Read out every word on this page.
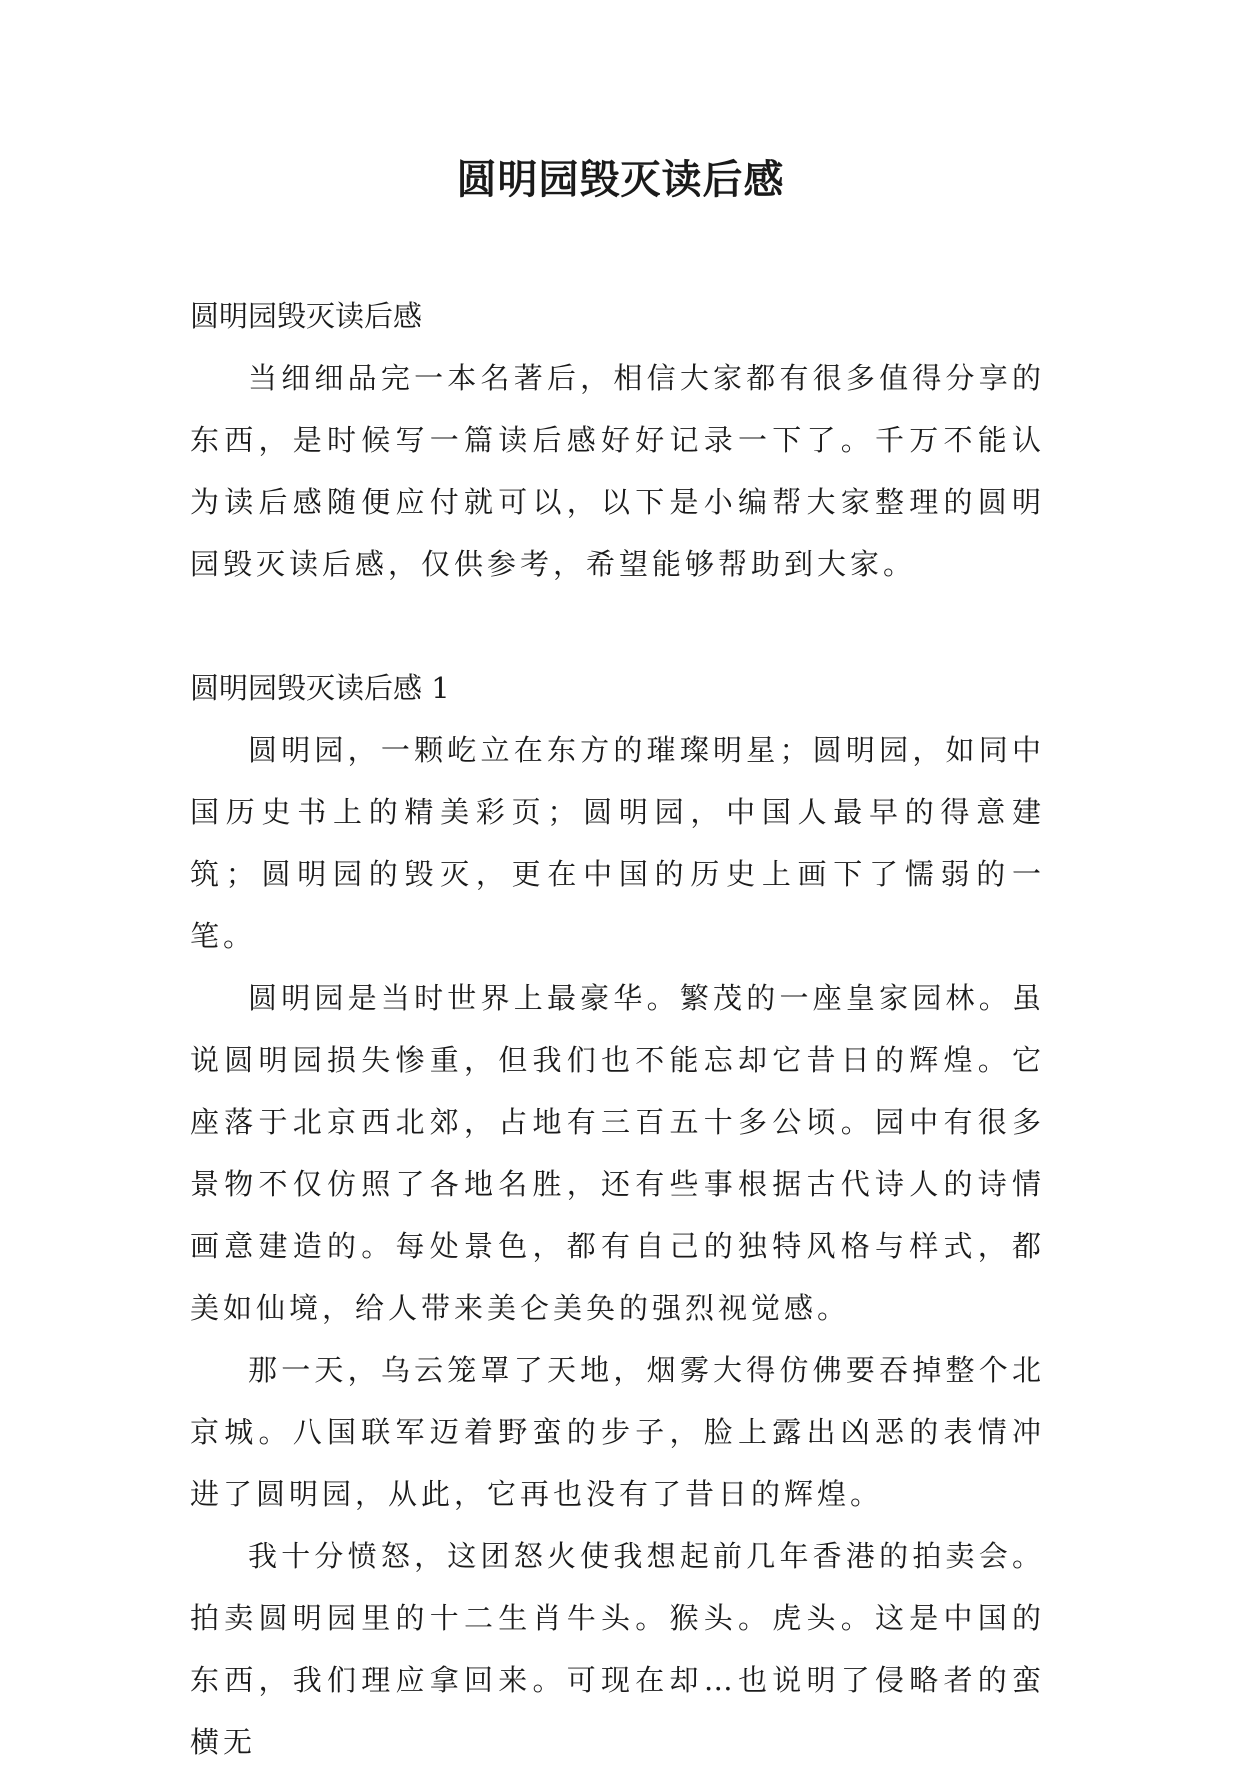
圆明园毁灭读后感

圆明园毁灭读后感

当细细品完一本名著后，相信大家都有很多值得分享的东西，是时候写一篇读后感好好记录一下了。千万不能认为读后感随便应付就可以，以下是小编帮大家整理的圆明园毁灭读后感，仅供参考，希望能够帮助到大家。

圆明园毁灭读后感 1

圆明园，一颗屹立在东方的璀璨明星；圆明园，如同中国历史书上的精美彩页；圆明园，中国人最早的得意建筑；圆明园的毁灭，更在中国的历史上画下了懦弱的一笔。

圆明园是当时世界上最豪华。繁茂的一座皇家园林。虽说圆明园损失惨重，但我们也不能忘却它昔日的辉煌。它座落于北京西北郊，占地有三百五十多公顷。园中有很多景物不仅仿照了各地名胜，还有些事根据古代诗人的诗情画意建造的。每处景色，都有自己的独特风格与样式，都美如仙境，给人带来美仑美奂的强烈视觉感。

那一天，乌云笼罩了天地，烟雾大得仿佛要吞掉整个北京城。八国联军迈着野蛮的步子，脸上露出凶恶的表情冲进了圆明园，从此，它再也没有了昔日的辉煌。

我十分愤怒，这团怒火使我想起前几年香港的拍卖会。拍卖圆明园里的十二生肖牛头。猴头。虎头。这是中国的东西，我们理应拿回来。可现在却…也说明了侵略者的蛮横无
